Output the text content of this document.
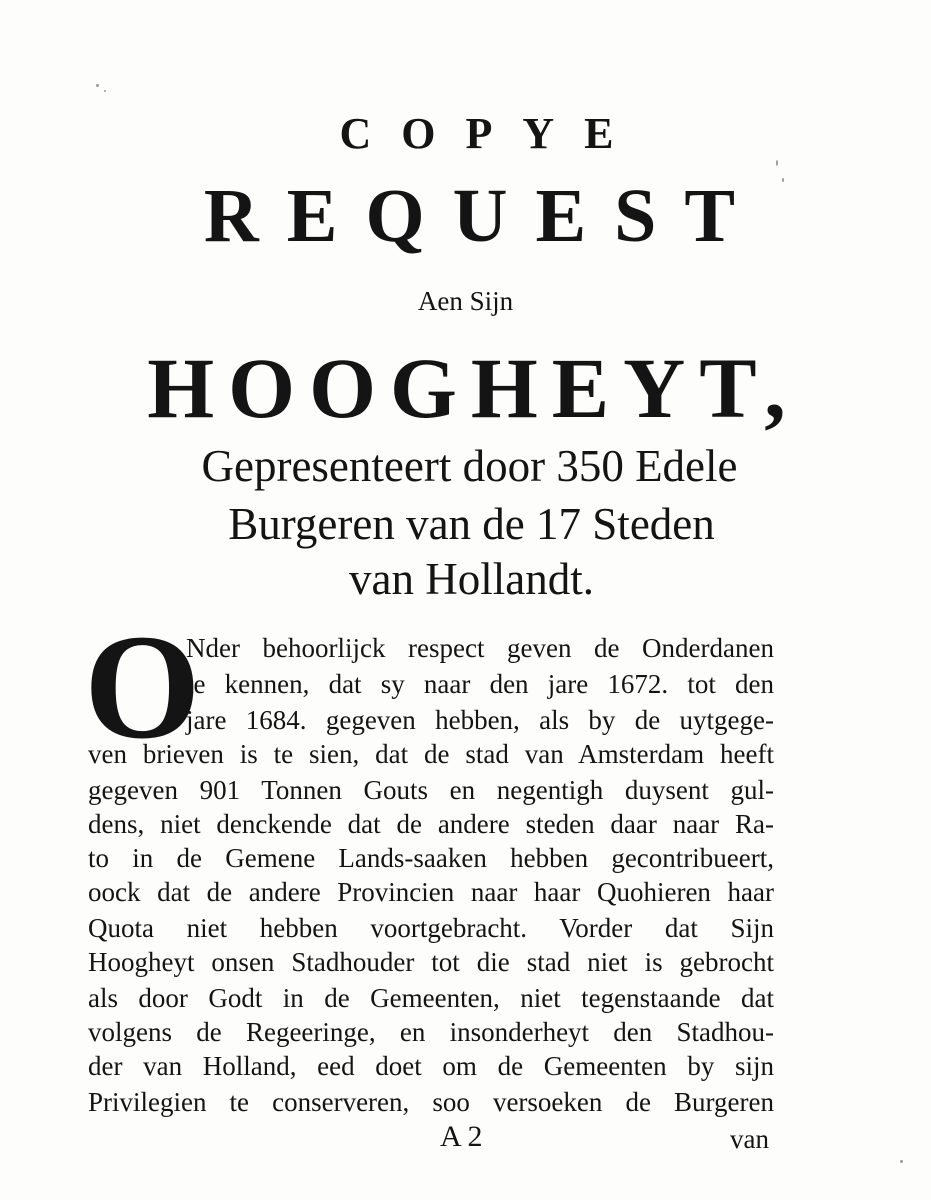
COPYE
REQUEST
Aen Sijn
HOOGHEYT,
Gepresenteert door 350 Edele
Burgeren van de 17 Steden
van Hollandt.
O
Nder behoorlijck respect geven de Onderdanen
te kennen, dat sy naar den jare 1672. tot den
jare 1684. gegeven hebben, als by de uytgege-
ven brieven is te sien, dat de stad van Amsterdam heeft
gegeven 901 Tonnen Gouts en negentigh duysent gul-
dens, niet denckende dat de andere steden daar naar Ra-
to in de Gemene Lands-saaken hebben gecontribueert,
oock dat de andere Provincien naar haar Quohieren haar
Quota niet hebben voortgebracht. Vorder dat Sijn
Hoogheyt onsen Stadhouder tot die stad niet is gebrocht
als door Godt in de Gemeenten, niet tegenstaande dat
volgens de Regeeringe, en insonderheyt den Stadhou-
der van Holland, eed doet om de Gemeenten by sijn
Privilegien te conserveren, soo versoeken de Burgeren
A 2	van
